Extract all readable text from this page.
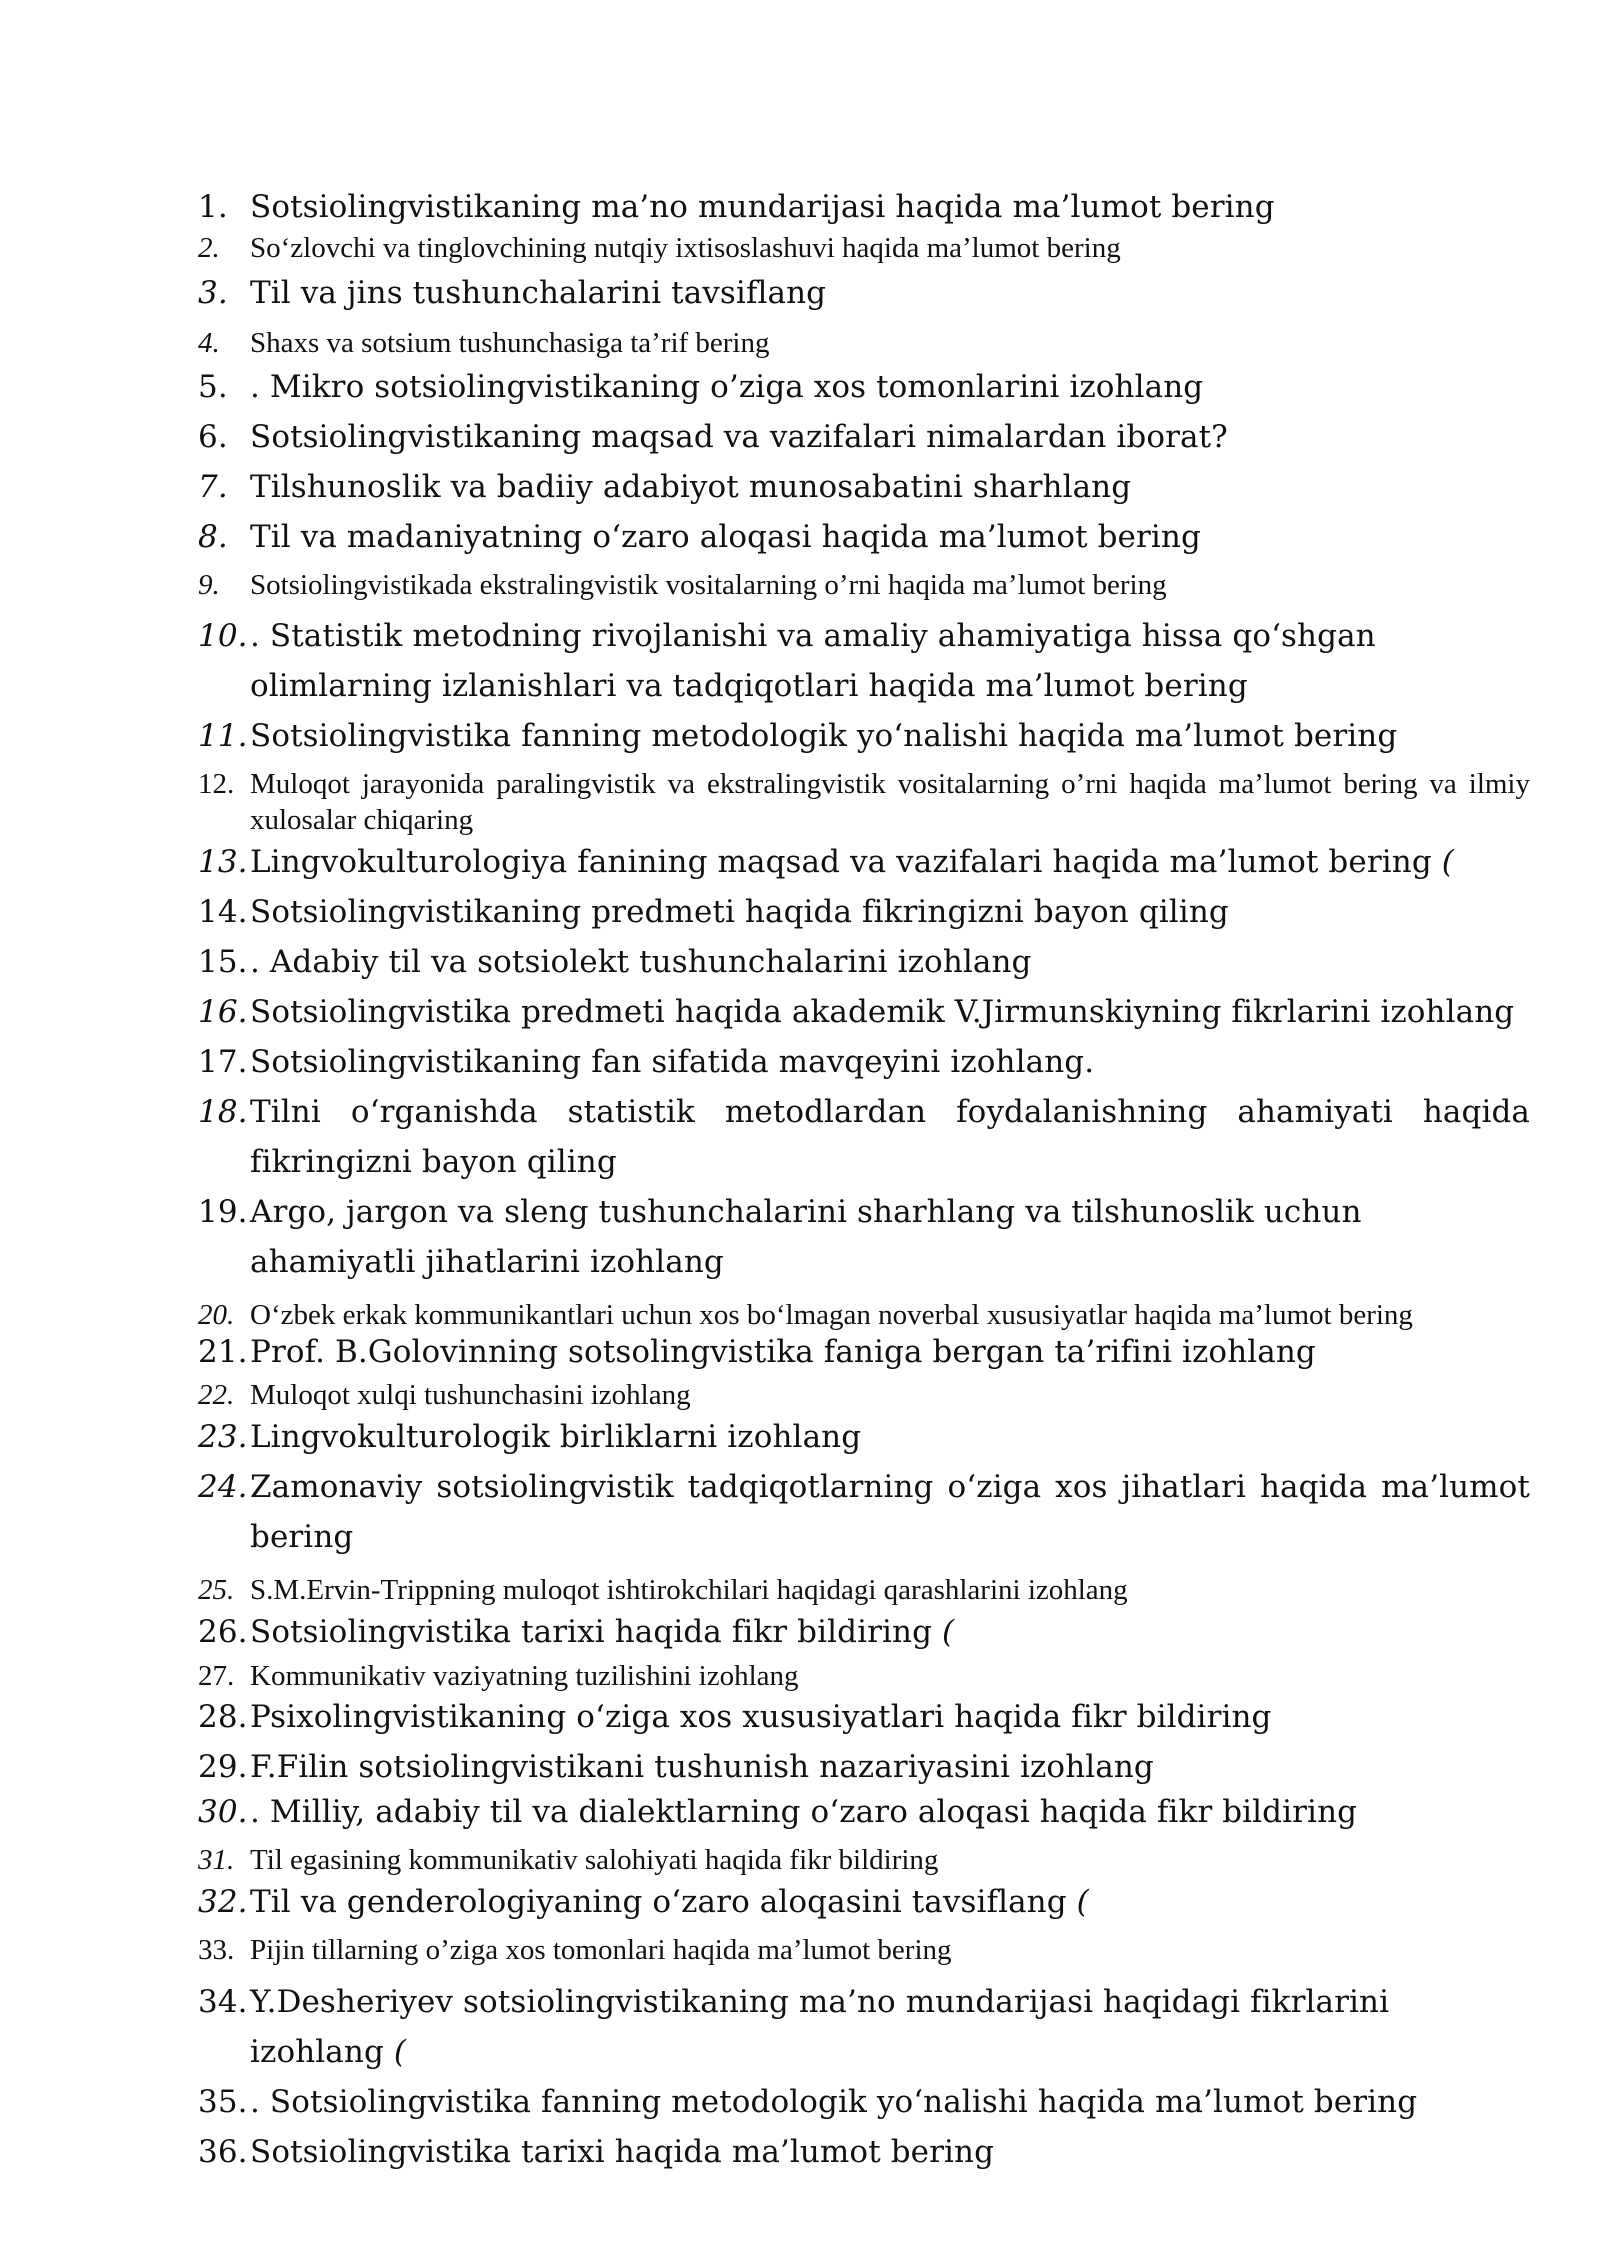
1. Sotsiolingvistikaning ma’no mundarijasi haqida ma’lumot bering
2.	So‘zlovchi va tinglovchining nutqiy ixtisoslashuvi haqida ma’lumot bering
3. Til va jins tushunchalarini tavsiflang
4.	Shaxs va sotsium tushunchasiga ta’rif bering
5. . Mikro sotsiolingvistikaning o’ziga xos tomonlarini izohlang
6. Sotsiolingvistikaning maqsad va vazifalari nimalardan iborat?
7. Tilshunoslik va badiiy adabiyot munosabatini sharhlang
8. Til va madaniyatning o‘zaro aloqasi haqida ma’lumot bering
9.	Sotsiolingvistikada ekstralingvistik vositalarning o’rni haqida ma’lumot bering
10. . Statistik metodning rivojlanishi va amaliy ahamiyatiga hissa qo‘shgan olimlarning izlanishlari va tadqiqotlari haqida ma’lumot bering
11. Sotsiolingvistika fanning metodologik yo‘nalishi haqida ma’lumot bering
12. Muloqot jarayonida paralingvistik va ekstralingvistik vositalarning o’rni haqida ma’lumot bering va ilmiy xulosalar chiqaring
13. Lingvokulturologiya fanining maqsad va vazifalari haqida ma’lumot bering (
14. Sotsiolingvistikaning predmeti haqida fikringizni bayon qiling
15. . Adabiy til va sotsiolekt tushunchalarini izohlang
16. Sotsiolingvistika predmeti haqida akademik V.Jirmunskiyning fikrlarini izohlang
17. Sotsiolingvistikaning fan sifatida mavqeyini izohlang.
18. Tilni o‘rganishda statistik metodlardan foydalanishning ahamiyati haqida fikringizni bayon qiling
19. Argo, jargon va sleng tushunchalarini sharhlang va tilshunoslik uchun ahamiyatli jihatlarini izohlang
20. O‘zbek erkak kommunikantlari uchun xos bo‘lmagan noverbal xususiyatlar haqida ma’lumot bering
21. Prof. B.Golovinning sotsolingvistika faniga bergan ta’rifini izohlang
22. Muloqot xulqi tushunchasini izohlang
23. Lingvokulturologik birliklarni izohlang
24. Zamonaviy sotsiolingvistik tadqiqotlarning o‘ziga xos jihatlari haqida ma’lumot bering
25. S.M.Ervin-Trippning muloqot ishtirokchilari haqidagi qarashlarini izohlang
26. Sotsiolingvistika tarixi haqida fikr bildiring (
27. Kommunikativ vaziyatning tuzilishini izohlang
28. Psixolingvistikaning o‘ziga xos xususiyatlari haqida fikr bildiring
29. F.Filin sotsiolingvistikani tushunish nazariyasini izohlang
30. . Milliy, adabiy til va dialektlarning o‘zaro aloqasi haqida fikr bildiring
31. Til egasining kommunikativ salohiyati haqida fikr bildiring
32. Til va genderologiyaning o‘zaro aloqasini tavsiflang (
33. Pijin tillarning o’ziga xos tomonlari haqida ma’lumot bering
34. Y.Desheriyev sotsiolingvistikaning ma’no mundarijasi haqidagi fikrlarini izohlang (
35. . Sotsiolingvistika fanning metodologik yo‘nalishi haqida ma’lumot bering
36. Sotsiolingvistika tarixi haqida ma’lumot bering
